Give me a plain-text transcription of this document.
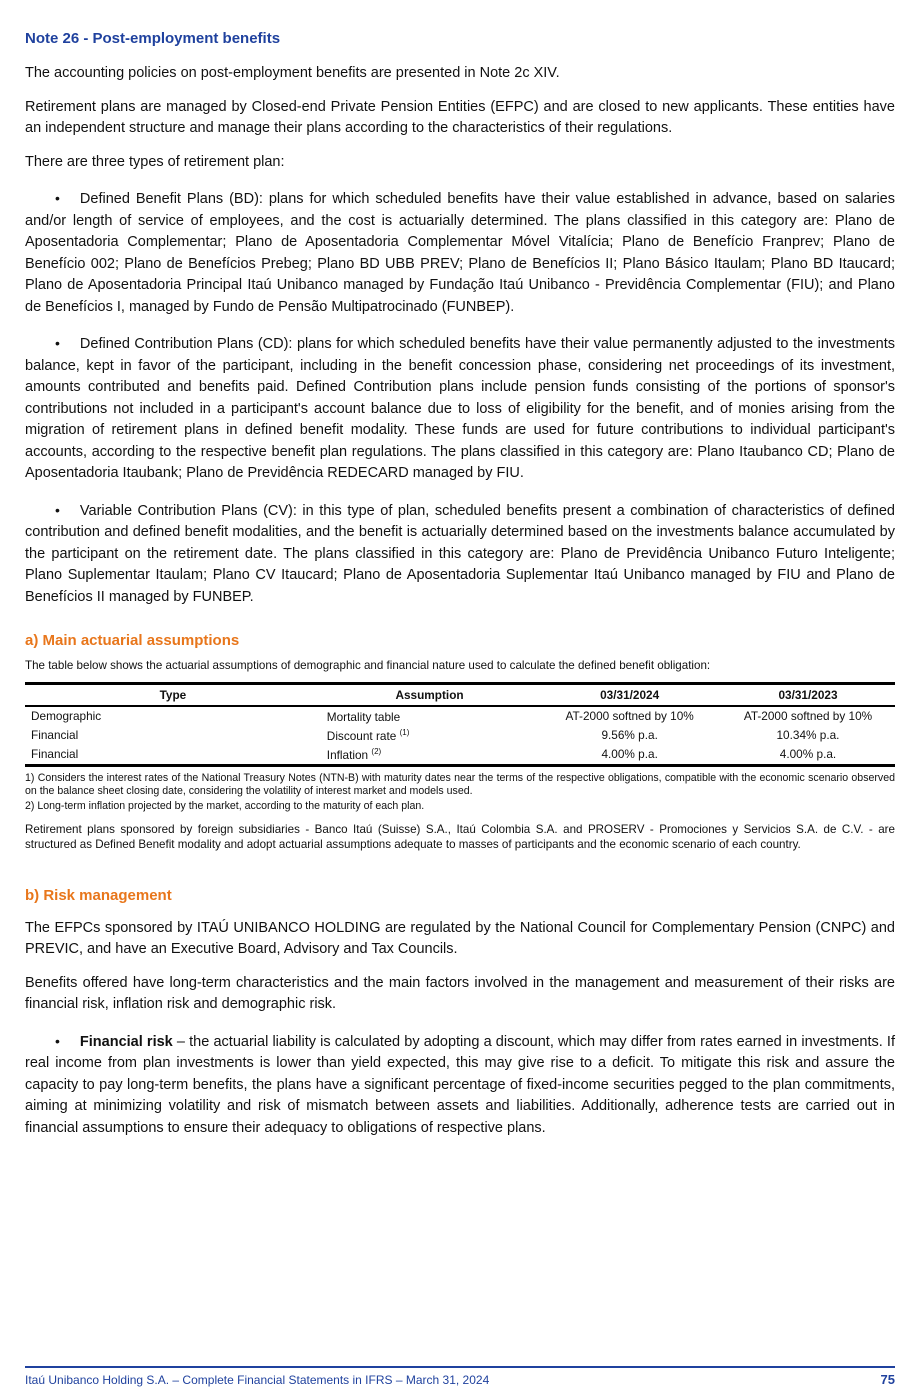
Note 26 - Post-employment benefits

The accounting policies on post-employment benefits are presented in Note 2c XIV.

Retirement plans are managed by Closed-end Private Pension Entities (EFPC) and are closed to new applicants. These entities have an independent structure and manage their plans according to the characteristics of their regulations.

There are three types of retirement plan:

• Defined Benefit Plans (BD): plans for which scheduled benefits have their value established in advance, based on salaries and/or length of service of employees, and the cost is actuarially determined. The plans classified in this category are: Plano de Aposentadoria Complementar; Plano de Aposentadoria Complementar Móvel Vitalícia; Plano de Benefício Franprev; Plano de Benefício 002; Plano de Benefícios Prebeg; Plano BD UBB PREV; Plano de Benefícios II; Plano Básico Itaulam; Plano BD Itaucard; Plano de Aposentadoria Principal Itaú Unibanco managed by Fundação Itaú Unibanco - Previdência Complementar (FIU); and Plano de Benefícios I, managed by Fundo de Pensão Multipatrocinado (FUNBEP).

• Defined Contribution Plans (CD): plans for which scheduled benefits have their value permanently adjusted to the investments balance, kept in favor of the participant, including in the benefit concession phase, considering net proceedings of its investment, amounts contributed and benefits paid. Defined Contribution plans include pension funds consisting of the portions of sponsor's contributions not included in a participant's account balance due to loss of eligibility for the benefit, and of monies arising from the migration of retirement plans in defined benefit modality. These funds are used for future contributions to individual participant's accounts, according to the respective benefit plan regulations. The plans classified in this category are: Plano Itaubanco CD; Plano de Aposentadoria Itaubank; Plano de Previdência REDECARD managed by FIU.

• Variable Contribution Plans (CV): in this type of plan, scheduled benefits present a combination of characteristics of defined contribution and defined benefit modalities, and the benefit is actuarially determined based on the investments balance accumulated by the participant on the retirement date. The plans classified in this category are: Plano de Previdência Unibanco Futuro Inteligente; Plano Suplementar Itaulam; Plano CV Itaucard; Plano de Aposentadoria Suplementar Itaú Unibanco managed by FIU and Plano de Benefícios II managed by FUNBEP.

a) Main actuarial assumptions

The table below shows the actuarial assumptions of demographic and financial nature used to calculate the defined benefit obligation:

Type	Assumption	03/31/2024	03/31/2023
Demographic	Mortality table	AT-2000 softned by 10%	AT-2000 softned by 10%
Financial	Discount rate $^{(1)}$	9.56% p.a.	10.34% p.a.
Financial	Inflation $^{(2)}$	4.00% p.a.	4.00% p.a.

1) Considers the interest rates of the National Treasury Notes (NTN-B) with maturity dates near the terms of the respective obligations, compatible with the economic scenario observed on the balance sheet closing date, considering the volatility of interest market and models used.

2) Long-term inflation projected by the market, according to the maturity of each plan.

Retirement plans sponsored by foreign subsidiaries - Banco Itaú (Suisse) S.A., Itaú Colombia S.A. and PROSERV - Promociones y Servicios S.A. de C.V. - are structured as Defined Benefit modality and adopt actuarial assumptions adequate to masses of participants and the economic scenario of each country.

b) Risk management

The EFPCs sponsored by ITAÚ UNIBANCO HOLDING are regulated by the National Council for Complementary Pension (CNPC) and PREVIC, and have an Executive Board, Advisory and Tax Councils.

Benefits offered have long-term characteristics and the main factors involved in the management and measurement of their risks are financial risk, inflation risk and demographic risk.

• Financial risk – the actuarial liability is calculated by adopting a discount, which may differ from rates earned in investments. If real income from plan investments is lower than yield expected, this may give rise to a deficit. To mitigate this risk and assure the capacity to pay long-term benefits, the plans have a significant percentage of fixed-income securities pegged to the plan commitments, aiming at minimizing volatility and risk of mismatch between assets and liabilities. Additionally, adherence tests are carried out in financial assumptions to ensure their adequacy to obligations of respective plans.

Itaú Unibanco Holding S.A. – Complete Financial Statements in IFRS – March 31, 2024	75
